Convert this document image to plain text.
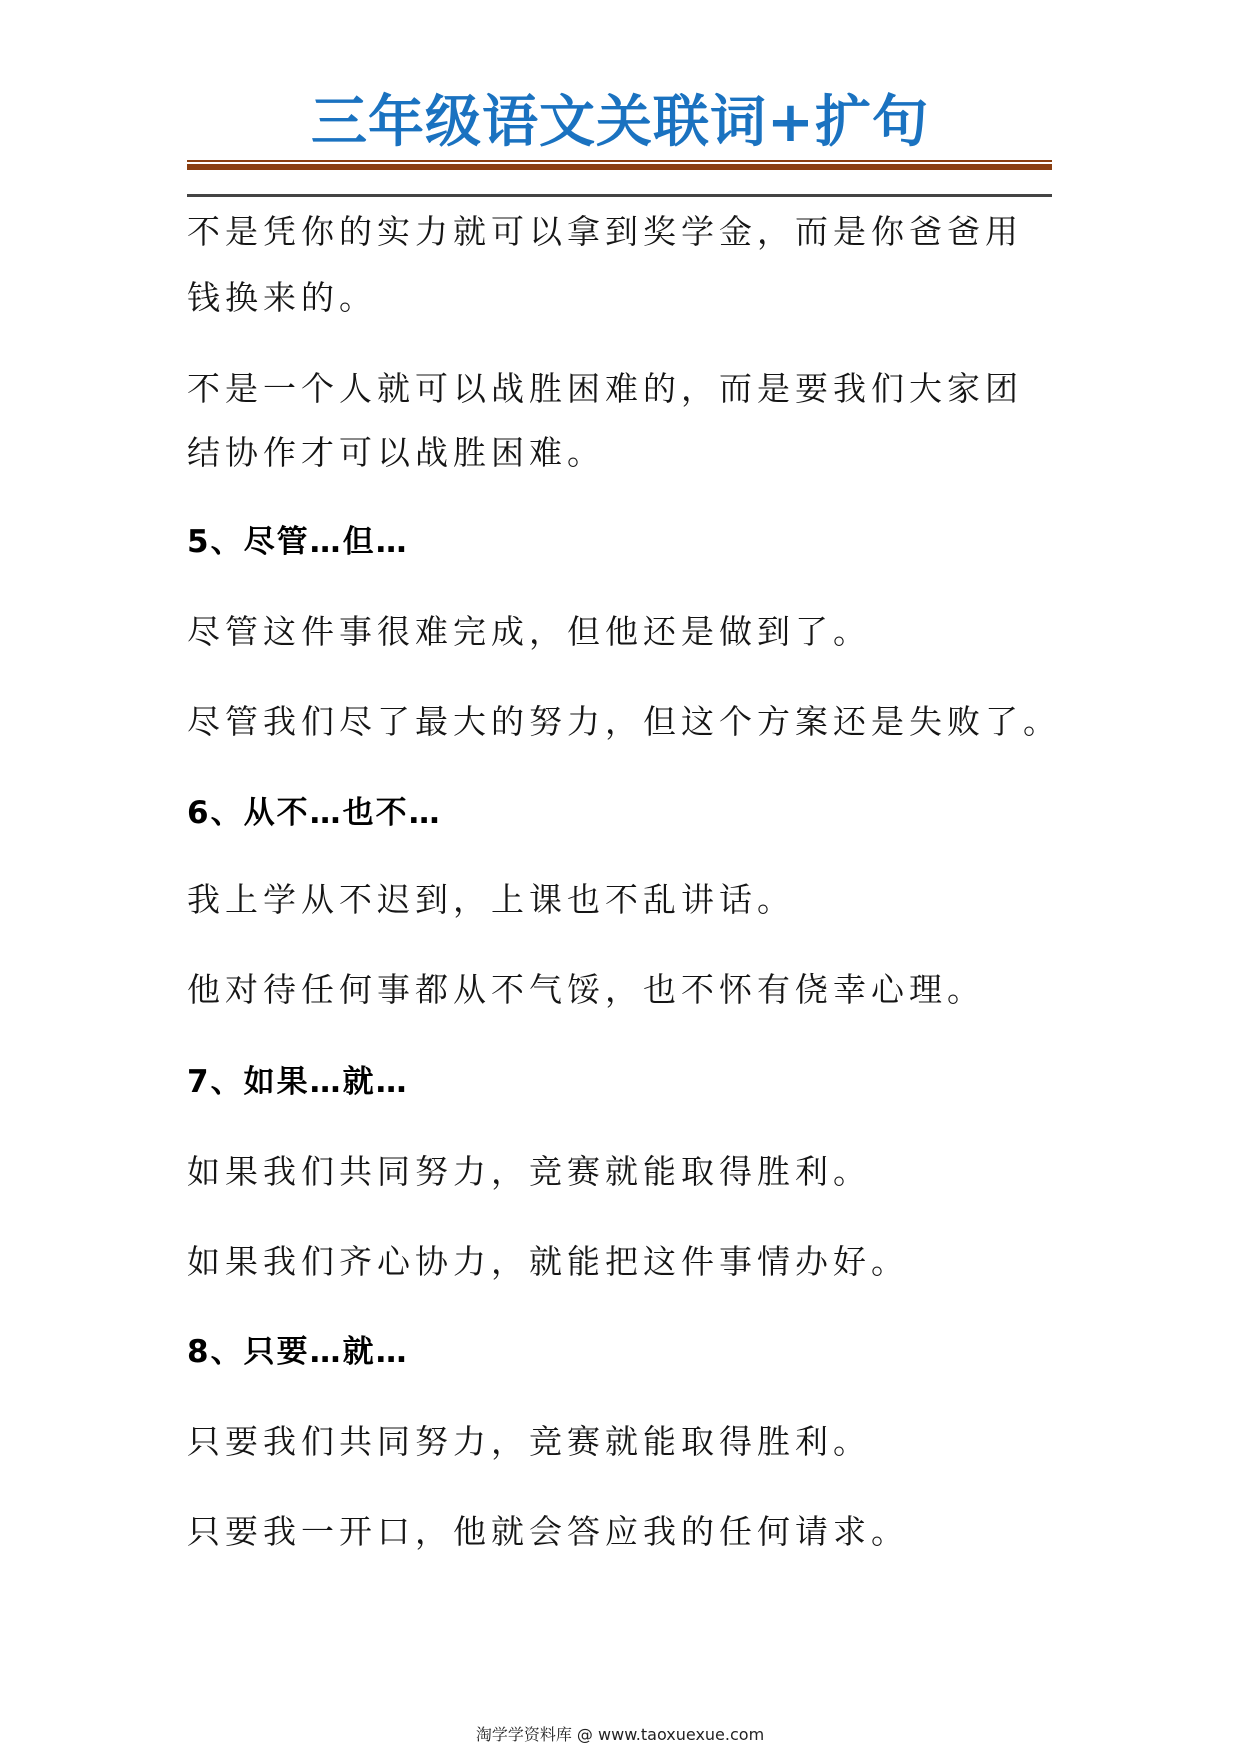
三年级语文关联词+扩句
不是凭你的实力就可以拿到奖学金，而是你爸爸用
钱换来的。
不是一个人就可以战胜困难的，而是要我们大家团
结协作才可以战胜困难。
5、尽管…但…
尽管这件事很难完成，但他还是做到了。
尽管我们尽了最大的努力，但这个方案还是失败了。
6、从不…也不…
我上学从不迟到，上课也不乱讲话。
他对待任何事都从不气馁，也不怀有侥幸心理。
7、如果…就…
如果我们共同努力，竞赛就能取得胜利。
如果我们齐心协力，就能把这件事情办好。
8、只要…就…
只要我们共同努力，竞赛就能取得胜利。
只要我一开口，他就会答应我的任何请求。
淘学学资料库 @ www.taoxuexue.com
